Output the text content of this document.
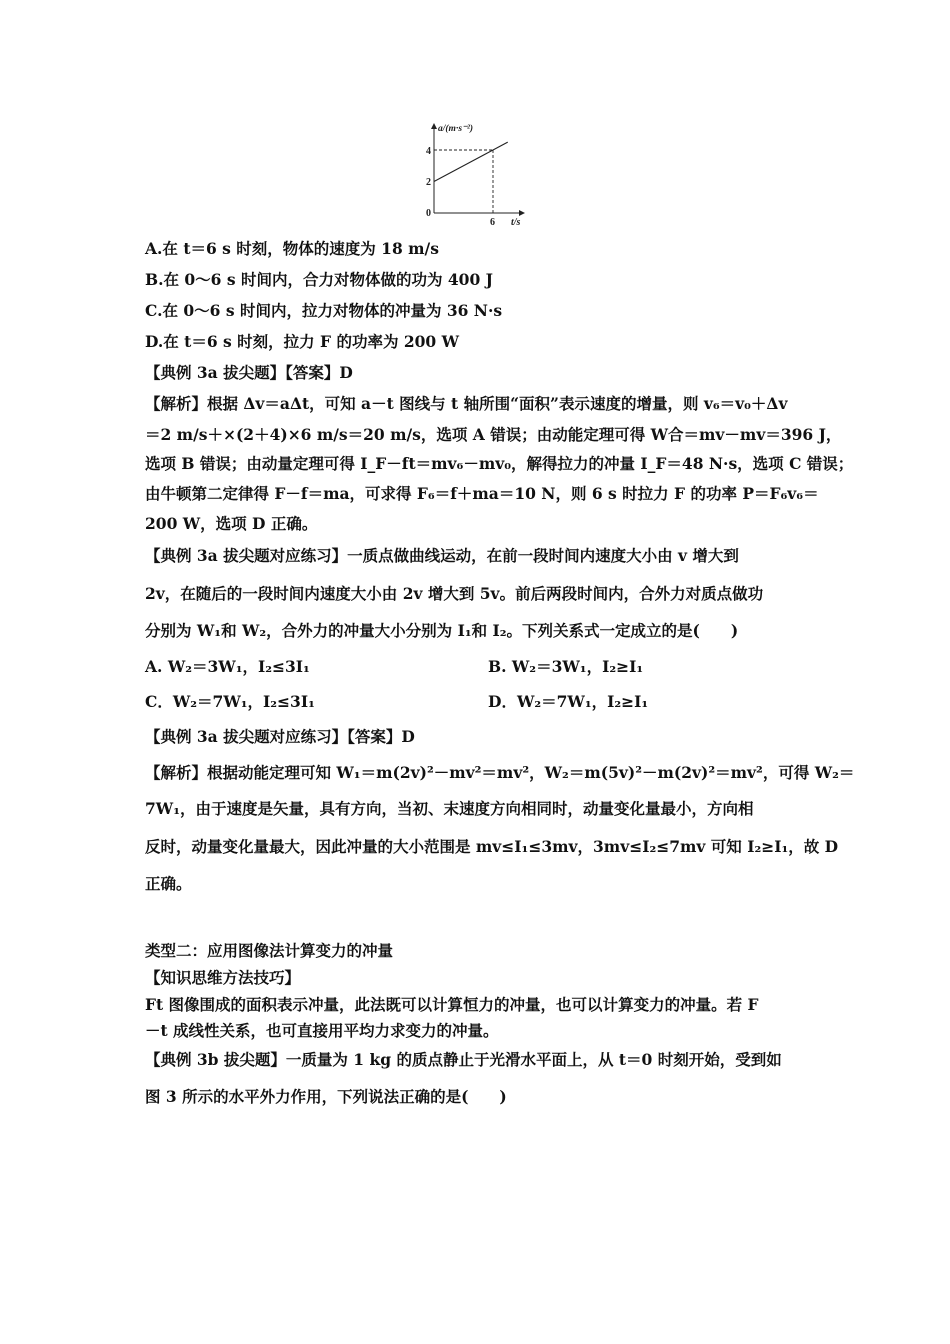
a/(m·s⁻²)
4
2
0
6 t/s
A.在 t＝6 s 时刻，物体的速度为 18 m/s
B.在 0～6 s 时间内，合力对物体做的功为 400 J
C.在 0～6 s 时间内，拉力对物体的冲量为 36 N·s
D.在 t＝6 s 时刻，拉力 F 的功率为 200 W
【典例 3a 拔尖题】【答案】D
【解析】根据 Δv＝aΔt，可知 a－t 图线与 t 轴所围“面积”表示速度的增量，则 v₆＝v₀＋Δv
＝2 m/s＋×(2＋4)×6 m/s＝20 m/s，选项 A 错误；由动能定理可得 W合＝mv－mv＝396 J，
选项 B 错误；由动量定理可得 I_F－ft＝mv₆－mv₀，解得拉力的冲量 I_F＝48 N·s，选项 C 错误；
由牛顿第二定律得 F－f＝ma，可求得 F₆＝f＋ma＝10 N，则 6 s 时拉力 F 的功率 P＝F₆v₆＝
200 W，选项 D 正确。
【典例 3a 拔尖题对应练习】一质点做曲线运动，在前一段时间内速度大小由 v 增大到
2v，在随后的一段时间内速度大小由 2v 增大到 5v。前后两段时间内，合外力对质点做功
分别为 W₁和 W₂，合外力的冲量大小分别为 I₁和 I₂。下列关系式一定成立的是(　　)
A. W₂＝3W₁，I₂≤3I₁	B. W₂＝3W₁，I₂≥I₁
C．W₂＝7W₁，I₂≤3I₁	D．W₂＝7W₁，I₂≥I₁
【典例 3a 拔尖题对应练习】【答案】D
【解析】根据动能定理可知 W₁＝m(2v)²－mv²＝mv²，W₂＝m(5v)²－m(2v)²＝mv²，可得 W₂＝
7W₁，由于速度是矢量，具有方向，当初、末速度方向相同时，动量变化量最小，方向相
反时，动量变化量最大，因此冲量的大小范围是 mv≤I₁≤3mv，3mv≤I₂≤7mv 可知 I₂≥I₁，故 D
正确。
类型二：应用图像法计算变力的冲量
【知识思维方法技巧】
Ft 图像围成的面积表示冲量，此法既可以计算恒力的冲量，也可以计算变力的冲量。若 F
－t 成线性关系，也可直接用平均力求变力的冲量。
【典例 3b 拔尖题】一质量为 1 kg 的质点静止于光滑水平面上，从 t＝0 时刻开始，受到如
图 3 所示的水平外力作用，下列说法正确的是(　　)
